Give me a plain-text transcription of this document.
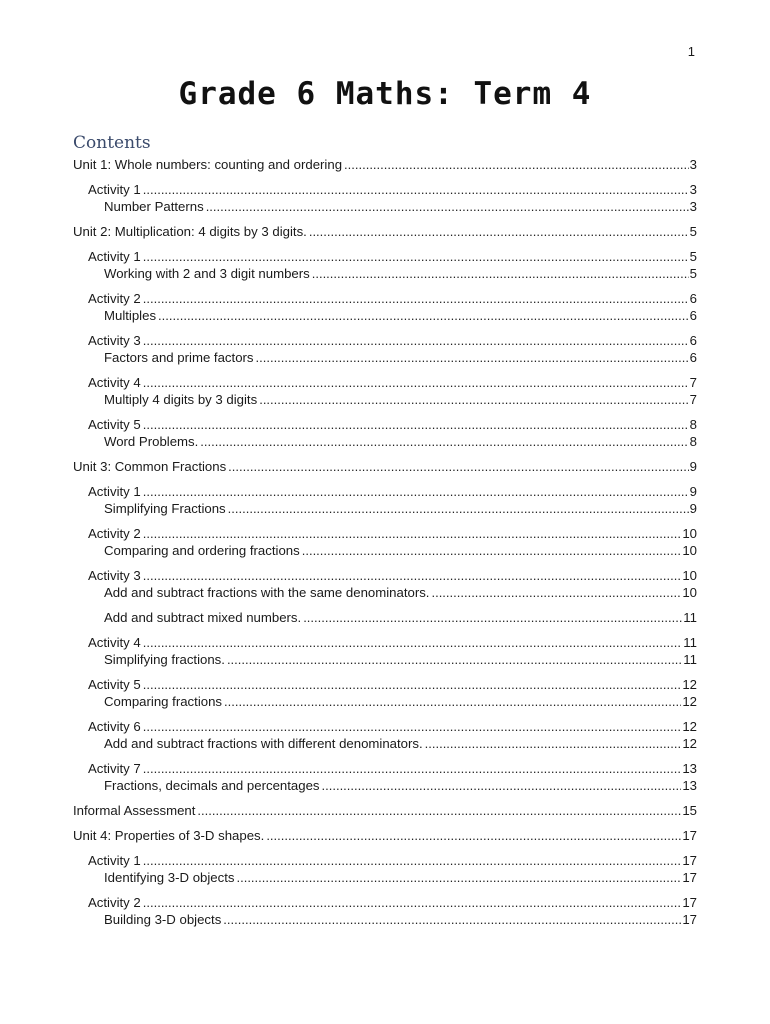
1
Grade 6 Maths: Term 4
Contents
Unit 1: Whole numbers: counting and ordering .....	3
Activity 1 .....	3
Number Patterns .....	3
Unit 2: Multiplication: 4 digits by 3 digits. .....	5
Activity 1 .....	5
Working with 2 and 3 digit numbers .....	5
Activity 2 .....	6
Multiples .....	6
Activity 3 .....	6
Factors and prime factors .....	6
Activity 4 .....	7
Multiply 4 digits by 3 digits .....	7
Activity 5 .....	8
Word Problems. .....	8
Unit 3: Common Fractions .....	9
Activity 1 .....	9
Simplifying Fractions .....	9
Activity 2 .....	10
Comparing and ordering fractions .....	10
Activity 3 .....	10
Add and subtract fractions with the same denominators. .....	10
Add and subtract mixed numbers. .....	11
Activity 4 .....	11
Simplifying fractions. .....	11
Activity 5 .....	12
Comparing fractions .....	12
Activity 6 .....	12
Add and subtract fractions with different denominators. .....	12
Activity 7 .....	13
Fractions, decimals and percentages .....	13
Informal Assessment .....	15
Unit 4: Properties of 3-D shapes. .....	17
Activity 1 .....	17
Identifying 3-D objects .....	17
Activity 2 .....	17
Building 3-D objects .....	17
